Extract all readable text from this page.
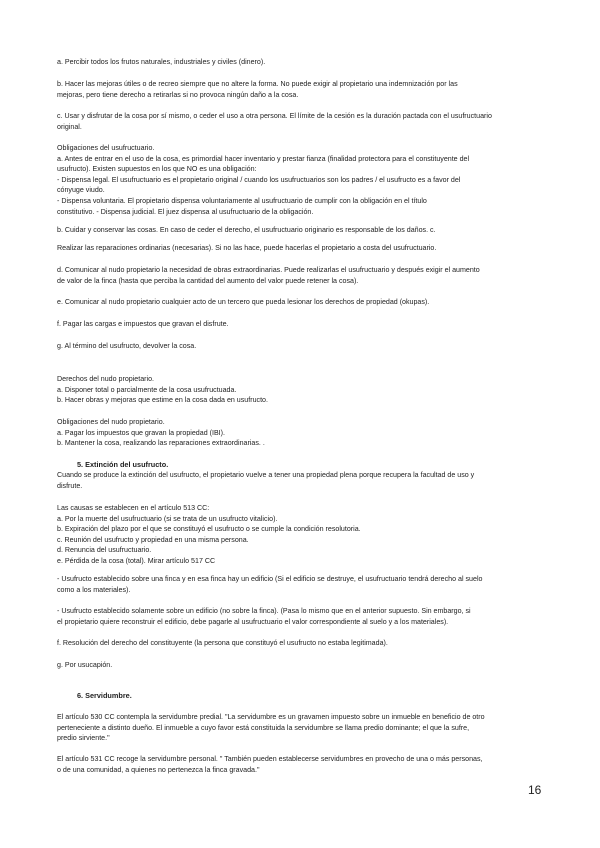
a. Percibir todos los frutos naturales, industriales y civiles (dinero).
b. Hacer las mejoras útiles o de recreo siempre que no altere la forma. No puede exigir al propietario una indemnización por las
mejoras, pero tiene derecho a retirarlas si no provoca ningún daño a la cosa.
c. Usar y disfrutar de la cosa por sí mismo, o ceder el uso a otra persona. El límite de la cesión es la duración pactada con el usufructuario
original.
Obligaciones del usufructuario.
a. Antes de entrar en el uso de la cosa, es primordial hacer inventario y prestar fianza (finalidad protectora para el constituyente del
usufructo). Existen supuestos en los que NO es una obligación:
- Dispensa legal. El usufructuario es el propietario original / cuando los usufructuarios son los padres / el usufructo es a favor del
cónyuge viudo.
- Dispensa voluntaria. El propietario dispensa voluntariamente al usufructuario de cumplir con la obligación en el título
constitutivo. - Dispensa judicial. El juez dispensa al usufructuario de la obligación.
b. Cuidar y conservar las cosas. En caso de ceder el derecho, el usufructuario originario es responsable de los daños. c.
Realizar las reparaciones ordinarias (necesarias). Si no las hace, puede hacerlas el propietario a costa del usufructuario.
d. Comunicar al nudo propietario la necesidad de obras extraordinarias. Puede realizarlas el usufructuario y después exigir el aumento
de valor de la finca (hasta que perciba la cantidad del aumento del valor puede retener la cosa).
e. Comunicar al nudo propietario cualquier acto de un tercero que pueda lesionar los derechos de propiedad (okupas).
f. Pagar las cargas e impuestos que gravan el disfrute.
g. Al término del usufructo, devolver la cosa.
Derechos del nudo propietario.
a. Disponer total o parcialmente de la cosa usufructuada.
b. Hacer obras y mejoras que estime en la cosa dada en usufructo.
Obligaciones del nudo propietario.
a. Pagar los impuestos que gravan la propiedad (IBI).
b. Mantener la cosa, realizando las reparaciones extraordinarias. .
5. Extinción del usufructo.
Cuando se produce la extinción del usufructo, el propietario vuelve a tener una propiedad plena porque recupera la facultad de uso y
disfrute.
Las causas se establecen en el artículo 513 CC:
a. Por la muerte del usufructuario (si se trata de un usufructo vitalicio).
b. Expiración del plazo por el que se constituyó el usufructo o se cumple la condición resolutoria.
c. Reunión del usufructo y propiedad en una misma persona.
d. Renuncia del usufructuario.
e. Pérdida de la cosa (total). Mirar artículo 517 CC
- Usufructo establecido sobre una finca y en esa finca hay un edificio (Si el edificio se destruye, el usufructuario tendrá derecho al suelo
como a los materiales).
- Usufructo establecido solamente sobre un edificio (no sobre la finca). (Pasa lo mismo que en el anterior supuesto. Sin embargo, si
el propietario quiere reconstruir el edificio, debe pagarle al usufructuario el valor correspondiente al suelo y a los materiales).
f. Resolución del derecho del constituyente (la persona que constituyó el usufructo no estaba legitimada).
g. Por usucapión.
6. Servidumbre.
El artículo 530 CC contempla la servidumbre predial. "La servidumbre es un gravamen impuesto sobre un inmueble en beneficio de otro
perteneciente a distinto dueño. El inmueble a cuyo favor está constituida la servidumbre se llama predio dominante; el que la sufre,
predio sirviente."
El artículo 531 CC recoge la servidumbre personal. " También pueden establecerse servidumbres en provecho de una o más personas,
o de una comunidad, a quienes no pertenezca la finca gravada."
16
